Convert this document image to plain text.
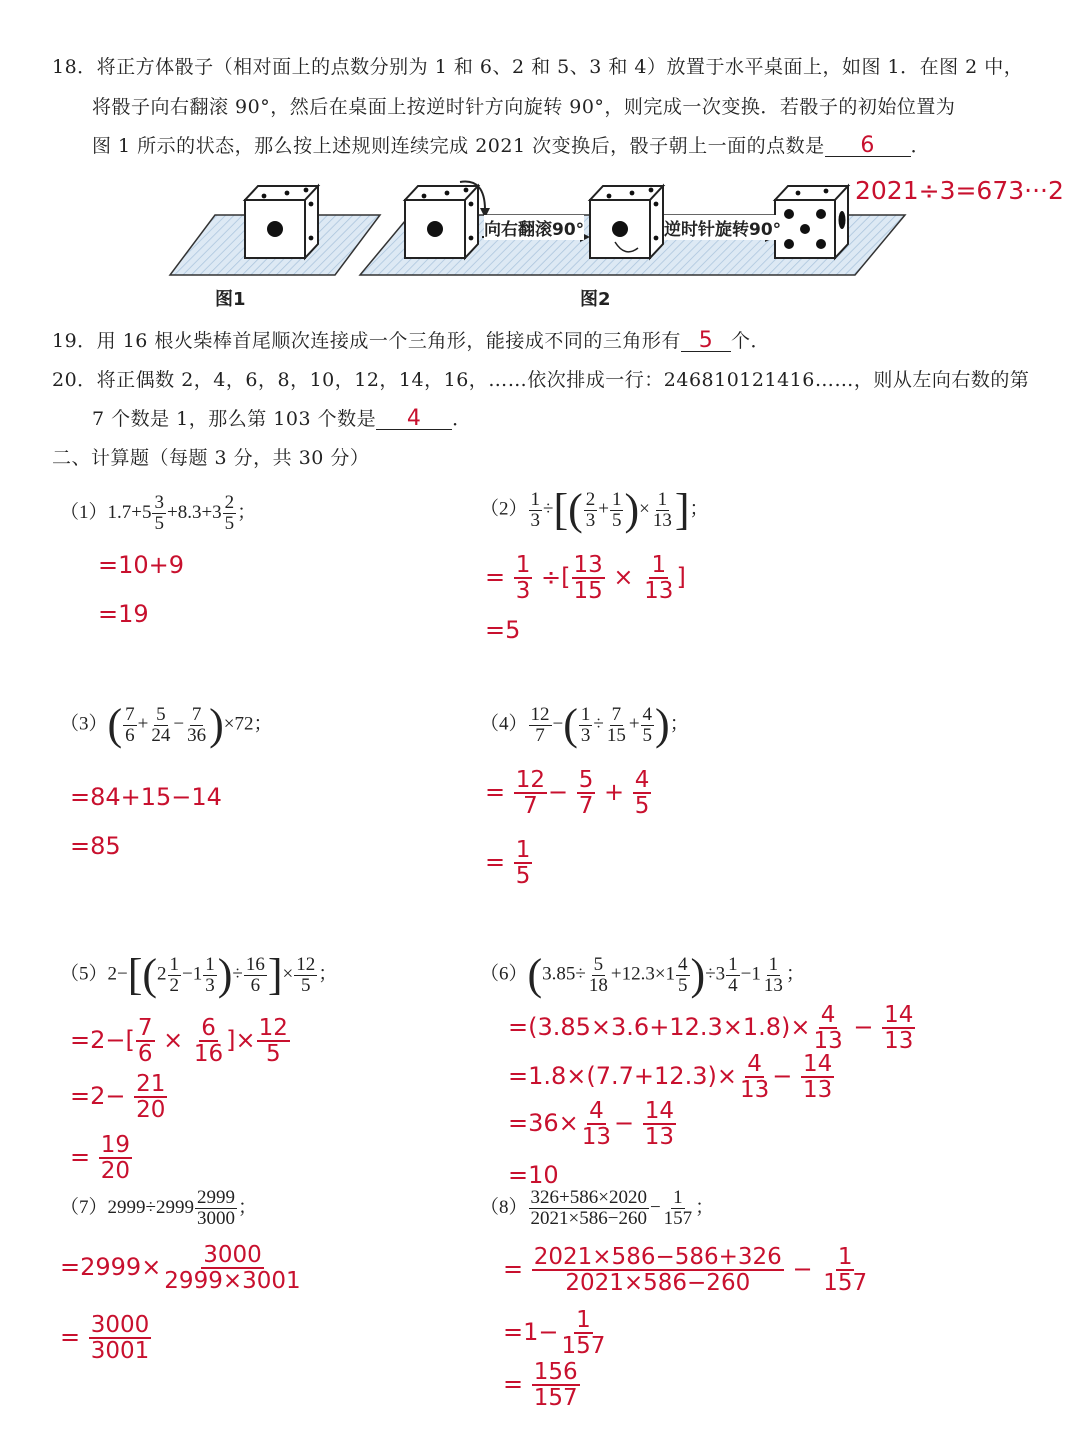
18．将正方体骰子（相对面上的点数分别为 1 和 6、2 和 5、3 和 4）放置于水平桌面上，如图 1．在图 2 中，
将骰子向右翻滚 90°，然后在桌面上按逆时针方向旋转 90°，则完成一次变换．若骰子的初始位置为
图 1 所示的状态，那么按上述规则连续完成 2021 次变换后，骰子朝上一面的点数是 6 ．
向右翻滚90°	逆时针旋转90°
图1	图2
2021÷3=673···2
19．用 16 根火柴棒首尾顺次连接成一个三角形，能接成不同的三角形有 5 个．
20．将正偶数 2，4，6，8，10，12，14，16，……依次排成一行：246810121416……，则从左向右数的第
7 个数是 1，那么第 103 个数是 4 ．
二、计算题（每题 3 分，共 30 分）
$(1)1.7+5 \frac{3}{5} +8.3+3 \frac{2}{5}$ ；
=10+9
=19
$(2) \frac{1}{3}$ ÷[( $\frac{2}{3} + \frac{1}{5}$ )× $\frac{1}{13}$ ]；
= $\frac{1}{3}$ ÷[ $\frac{13}{15} \times \frac{1}{13}$ ]
=5
$(3)( \frac{7}{6} + \frac{5}{24} - \frac{7}{36} )\times 72$；
=84+15−14
=85
$(4) \frac{12}{7}$ −( $\frac{1}{3} \div \frac{7}{15} + \frac{4}{5}$ )；
= $\frac{12}{7} - \frac{5}{7} + \frac{4}{5}$
= $\frac{1}{5}$
$(5)2-[(2 \frac{1}{2} -1 \frac{1}{3}$ )÷ $\frac{16}{6}$ ]× $\frac{12}{5}$ ；
$=2-[ \frac{7}{6} \times \frac{6}{16}$ ]× $\frac{12}{5}$
$=2- \frac{21}{20}$
= $\frac{19}{20}$
$(6)(3.85\div \frac{5}{18} +12.3\times 1 \frac{4}{5} )\div 3 \frac{1}{4} -1 \frac{1}{13}$ ；
$=(3.85\times 3.6+12.3\times 1.8)\times \frac{4}{13} - \frac{14}{13}$
$=1.8\times(7.7+12.3)\times \frac{4}{13} - \frac{14}{13}$
$=36\times \frac{4}{13} - \frac{14}{13}$
=10
$(7)2999\div 2999 \frac{2999}{3000}$ ；
$=2999\times \frac{3000}{2999\times 3001}$
= $\frac{3000}{3001}$
$(8) \frac{326+586\times 2020}{2021\times 586-260} - \frac{1}{157}$ ；
= $\frac{2021\times 586-586+326}{2021\times 586-260} - \frac{1}{157}$
$=1- \frac{1}{157}$
= $\frac{156}{157}$
